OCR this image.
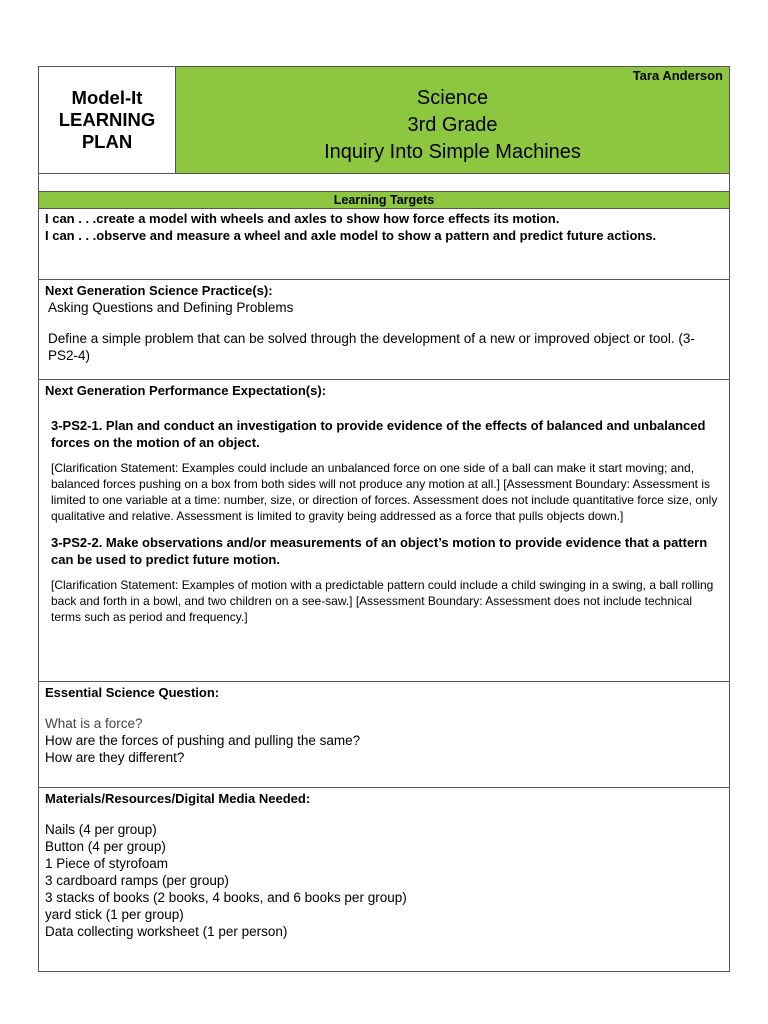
Model-It
LEARNING
PLAN
Tara Anderson
Science
3rd Grade
Inquiry Into Simple Machines
Learning Targets
I can . . .create a model with wheels and axles to show how force effects its motion.
I can . . .observe and measure a wheel and axle model to show a pattern and predict future actions.
Next Generation Science Practice(s):
Asking Questions and Defining Problems
Define a simple problem that can be solved through the development of a new or improved object or tool. (3-PS2-4)
Next Generation Performance Expectation(s):
3-PS2-1. Plan and conduct an investigation to provide evidence of the effects of balanced and unbalanced forces on the motion of an object.
[Clarification Statement: Examples could include an unbalanced force on one side of a ball can make it start moving; and, balanced forces pushing on a box from both sides will not produce any motion at all.] [Assessment Boundary: Assessment is limited to one variable at a time: number, size, or direction of forces. Assessment does not include quantitative force size, only qualitative and relative. Assessment is limited to gravity being addressed as a force that pulls objects down.]
3-PS2-2. Make observations and/or measurements of an object’s motion to provide evidence that a pattern can be used to predict future motion.
[Clarification Statement: Examples of motion with a predictable pattern could include a child swinging in a swing, a ball rolling back and forth in a bowl, and two children on a see-saw.] [Assessment Boundary: Assessment does not include technical terms such as period and frequency.]
Essential Science Question:
What is a force?
How are the forces of pushing and pulling the same?
How are they different?
Materials/Resources/Digital Media Needed:
Nails (4 per group)
Button (4 per group)
1 Piece of styrofoam
3 cardboard ramps (per group)
3 stacks of books (2 books, 4 books, and 6 books per group)
yard stick (1 per group)
Data collecting worksheet (1 per person)
